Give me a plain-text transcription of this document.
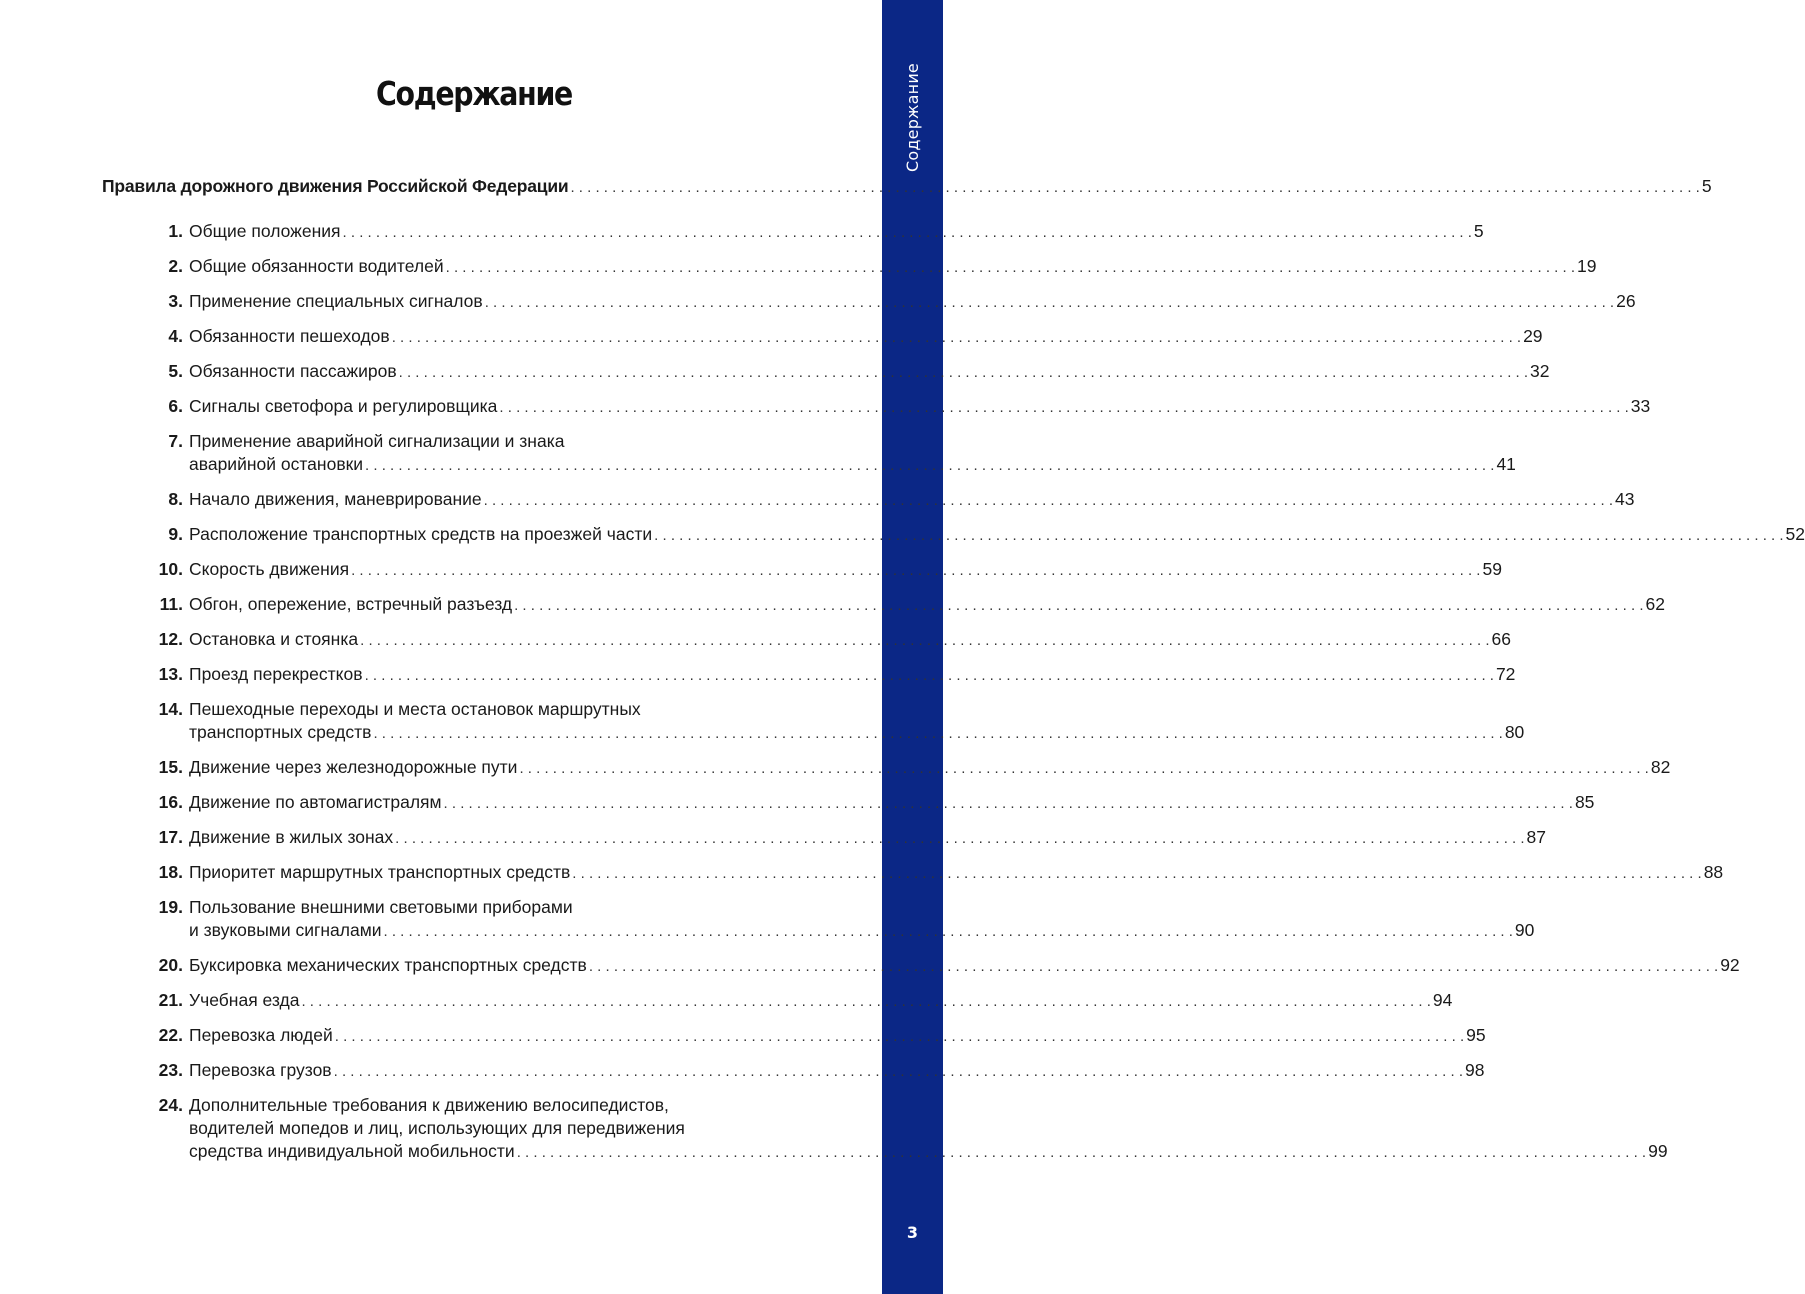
Содержание
3
Содержание
Правила дорожного движения Российской Федерации . . .	5
1. Общие положения . . .	5
2. Общие обязанности водителей . . .	19
3. Применение специальных сигналов . . .	26
4. Обязанности пешеходов . . .	29
5. Обязанности пассажиров . . .	32
6. Сигналы светофора и регулировщика . . .	33
7. Применение аварийной сигнализации и знака
аварийной остановки . . .	41
8. Начало движения, маневрирование . . .	43
9. Расположение транспортных средств на проезжей части . . .	52
10. Скорость движения . . .	59
11. Обгон, опережение, встречный разъезд . . .	62
12. Остановка и стоянка . . .	66
13. Проезд перекрестков . . .	72
14. Пешеходные переходы и места остановок маршрутных
транспортных средств . . .	80
15. Движение через железнодорожные пути . . .	82
16. Движение по автомагистралям . . .	85
17. Движение в жилых зонах . . .	87
18. Приоритет маршрутных транспортных средств . . .	88
19. Пользование внешними световыми приборами
и звуковыми сигналами . . .	90
20. Буксировка механических транспортных средств . . .	92
21. Учебная езда . . .	94
22. Перевозка людей . . .	95
23. Перевозка грузов . . .	98
24. Дополнительные требования к движению велосипедистов,
водителей мопедов и лиц, использующих для передвижения
средства индивидуальной мобильности . . .	99
